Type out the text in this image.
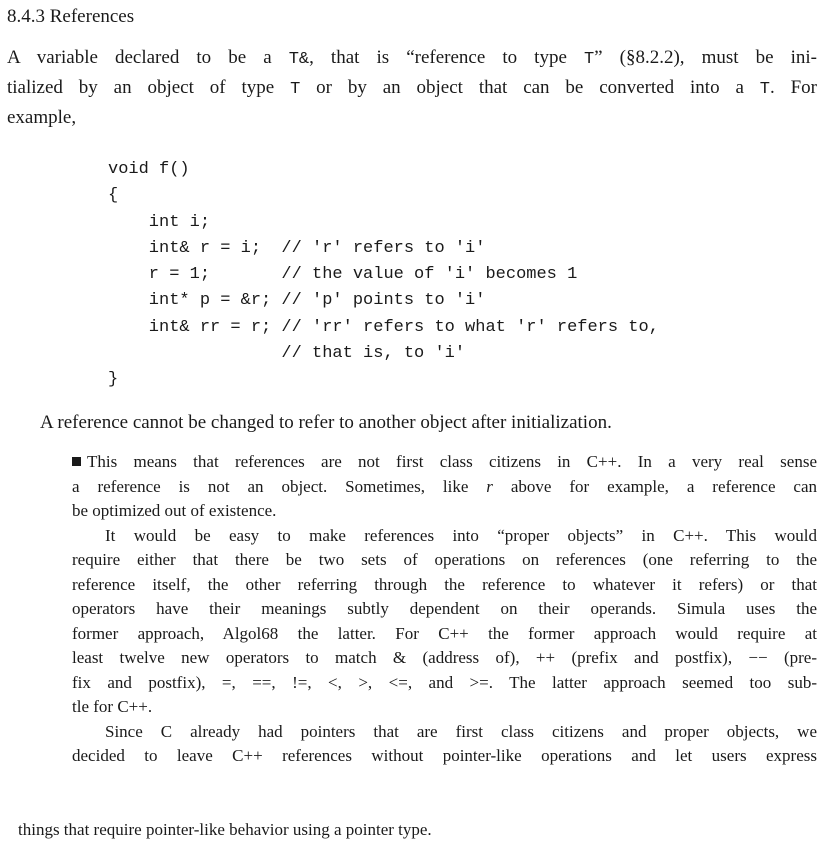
8.4.3 References
A variable declared to be a T&, that is “reference to type T” (§8.2.2), must be ini-
tialized by an object of type T or by an object that can be converted into a T. For
example,
void f()
{
int i;
int& r = i;  // 'r' refers to 'i'
r = 1;       // the value of 'i' becomes 1
int* p = &r; // 'p' points to 'i'
int& rr = r; // 'rr' refers to what 'r' refers to,
// that is, to 'i'
}
A reference cannot be changed to refer to another object after initialization.
This means that references are not first class citizens in C++. In a very real sense
a reference is not an object. Sometimes, like r above for example, a reference can
be optimized out of existence.
It would be easy to make references into “proper objects” in C++. This would
require either that there be two sets of operations on references (one referring to the
reference itself, the other referring through the reference to whatever it refers) or that
operators have their meanings subtly dependent on their operands. Simula uses the
former approach, Algol68 the latter. For C++ the former approach would require at
least twelve new operators to match & (address of), ++ (prefix and postfix), −− (pre-
fix and postfix), =, ==, !=, <, >, <=, and >=. The latter approach seemed too sub-
tle for C++.
Since C already had pointers that are first class citizens and proper objects, we
decided to leave C++ references without pointer-like operations and let users express
things that require pointer-like behavior using a pointer type.
